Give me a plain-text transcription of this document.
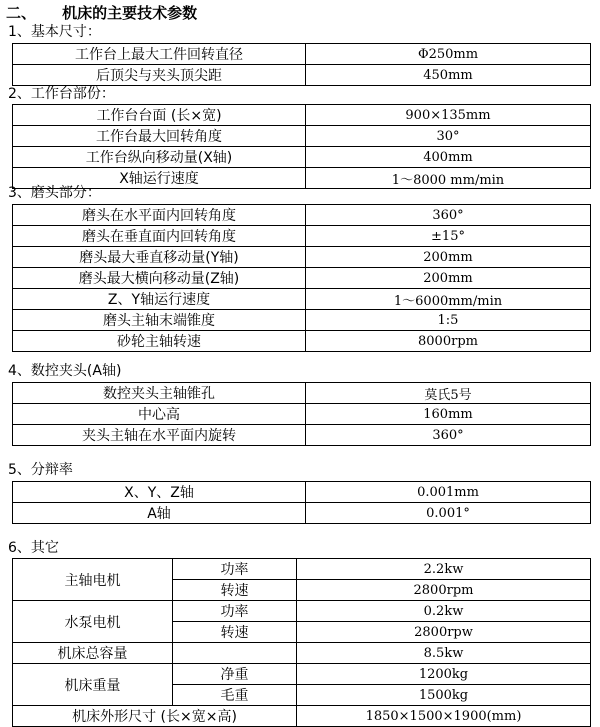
二、     机床的主要技术参数
1、基本尺寸：
工作台上最大工件回转直径	Φ250mm
后顶尖与夹头顶尖距	450mm
2、工作台部份：
工作台台面 (长×宽)	900×135mm
工作台最大回转角度	30°
工作台纵向移动量(X轴)	400mm
X轴运行速度	1～8000 mm/min
3、磨头部分：
磨头在水平面内回转角度	360°
磨头在垂直面内回转角度	±15°
磨头最大垂直移动量(Y轴)	200mm
磨头最大横向移动量(Z轴)	200mm
Z、Y轴运行速度	1～6000mm/min
磨头主轴末端锥度	1:5
砂轮主轴转速	8000rpm
4、数控夹头(A轴)
数控夹头主轴锥孔	莫氏5号
中心高	160mm
夹头主轴在水平面内旋转	360°
5、分辩率
X、Y、Z轴	0.001mm
A轴	0.001°
6、其它
主轴电机	功率	2.2kw
	转速	2800rpm
水泵电机	功率	0.2kw
	转速	2800rpw
机床总容量		8.5kw
机床重量	净重	1200kg
	毛重	1500kg
机床外形尺寸 (长×宽×高)		1850×1500×1900(mm)
